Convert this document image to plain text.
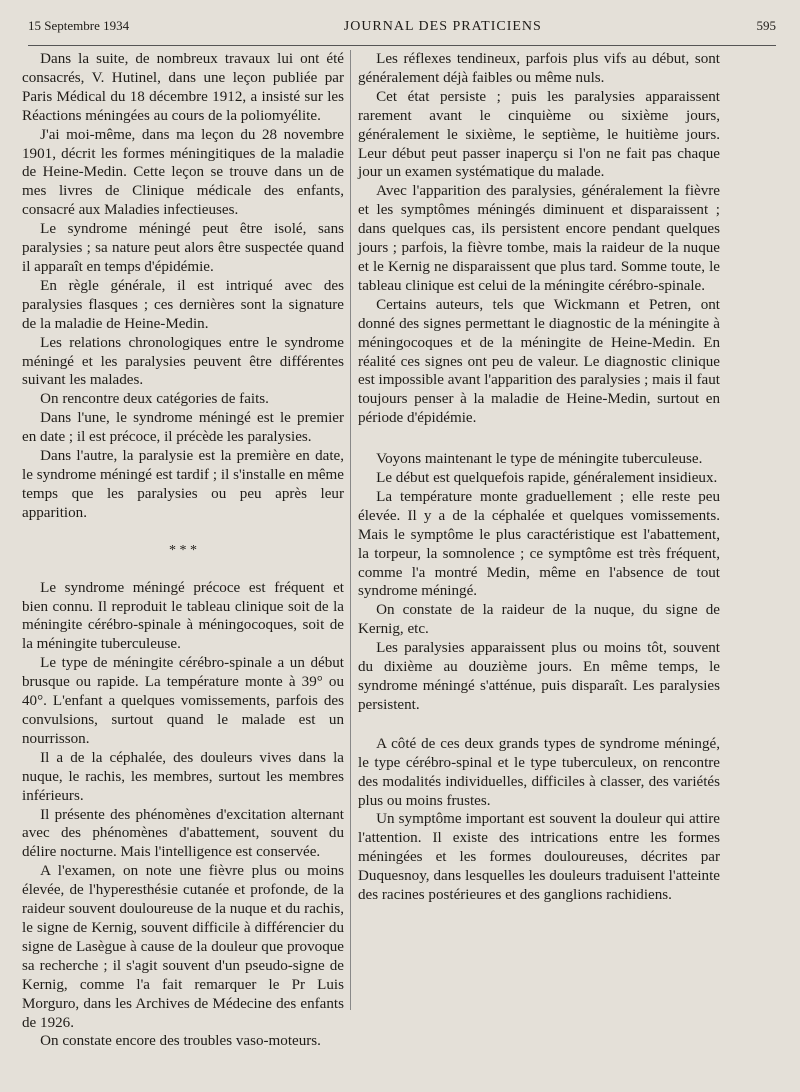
15 Septembre 1934	JOURNAL DES PRATICIENS	595

Dans la suite, de nombreux travaux lui ont été consacrés, V. Hutinel, dans une leçon publiée par Paris Médical du 18 décembre 1912, a insisté sur les Réactions méningées au cours de la poliomyélite.

J'ai moi-même, dans ma leçon du 28 novembre 1901, décrit les formes méningitiques de la maladie de Heine-Medin. Cette leçon se trouve dans un de mes livres de Clinique médicale des enfants, consacré aux Maladies infectieuses.

Le syndrome méningé peut être isolé, sans paralysies ; sa nature peut alors être suspectée quand il apparaît en temps d'épidémie.

En règle générale, il est intriqué avec des paralysies flasques ; ces dernières sont la signature de la maladie de Heine-Medin.

Les relations chronologiques entre le syndrome méningé et les paralysies peuvent être différentes suivant les malades.

On rencontre deux catégories de faits.

Dans l'une, le syndrome méningé est le premier en date ; il est précoce, il précède les paralysies.

Dans l'autre, la paralysie est la première en date, le syndrome méningé est tardif ; il s'installe en même temps que les paralysies ou peu après leur apparition.

* * *

Le syndrome méningé précoce est fréquent et bien connu. Il reproduit le tableau clinique soit de la méningite cérébro-spinale à méningocoques, soit de la méningite tuberculeuse.

Le type de méningite cérébro-spinale a un début brusque ou rapide. La température monte à 39° ou 40°. L'enfant a quelques vomissements, parfois des convulsions, surtout quand le malade est un nourrisson.

Il a de la céphalée, des douleurs vives dans la nuque, le rachis, les membres, surtout les membres inférieurs.

Il présente des phénomènes d'excitation alternant avec des phénomènes d'abattement, souvent du délire nocturne. Mais l'intelligence est conservée.

A l'examen, on note une fièvre plus ou moins élevée, de l'hyperesthésie cutanée et profonde, de la raideur souvent douloureuse de la nuque et du rachis, le signe de Kernig, souvent difficile à différencier du signe de Lasègue à cause de la douleur que provoque sa recherche ; il s'agit souvent d'un pseudo-signe de Kernig, comme l'a fait remarquer le Pr Luis Morguro, dans les Archives de Médecine des enfants de 1926.

On constate encore des troubles vaso-moteurs.

Les réflexes tendineux, parfois plus vifs au début, sont généralement déjà faibles ou même nuls.

Cet état persiste ; puis les paralysies apparaissent rarement avant le cinquième ou sixième jours, généralement le sixième, le septième, le huitième jours. Leur début peut passer inaperçu si l'on ne fait pas chaque jour un examen systématique du malade.

Avec l'apparition des paralysies, généralement la fièvre et les symptômes méningés diminuent et disparaissent ; dans quelques cas, ils persistent encore pendant quelques jours ; parfois, la fièvre tombe, mais la raideur de la nuque et le Kernig ne disparaissent que plus tard. Somme toute, le tableau clinique est celui de la méningite cérébro-spinale.

Certains auteurs, tels que Wickmann et Petren, ont donné des signes permettant le diagnostic de la méningite à méningocoques et de la méningite de Heine-Medin. En réalité ces signes ont peu de valeur. Le diagnostic clinique est impossible avant l'apparition des paralysies ; mais il faut toujours penser à la maladie de Heine-Medin, surtout en période d'épidémie.

Voyons maintenant le type de méningite tuberculeuse.

Le début est quelquefois rapide, généralement insidieux.

La température monte graduellement ; elle reste peu élevée. Il y a de la céphalée et quelques vomissements. Mais le symptôme le plus caractéristique est l'abattement, la torpeur, la somnolence ; ce symptôme est très fréquent, comme l'a montré Medin, même en l'absence de tout syndrome méningé.

On constate de la raideur de la nuque, du signe de Kernig, etc.

Les paralysies apparaissent plus ou moins tôt, souvent du dixième au douzième jours. En même temps, le syndrome méningé s'atténue, puis disparaît. Les paralysies persistent.

A côté de ces deux grands types de syndrome méningé, le type cérébro-spinal et le type tuberculeux, on rencontre des modalités individuelles, difficiles à classer, des variétés plus ou moins frustes.

Un symptôme important est souvent la douleur qui attire l'attention. Il existe des intrications entre les formes méningées et les formes douloureuses, décrites par Duquesnoy, dans lesquelles les douleurs traduisent l'atteinte des racines postérieures et des ganglions rachidiens.
